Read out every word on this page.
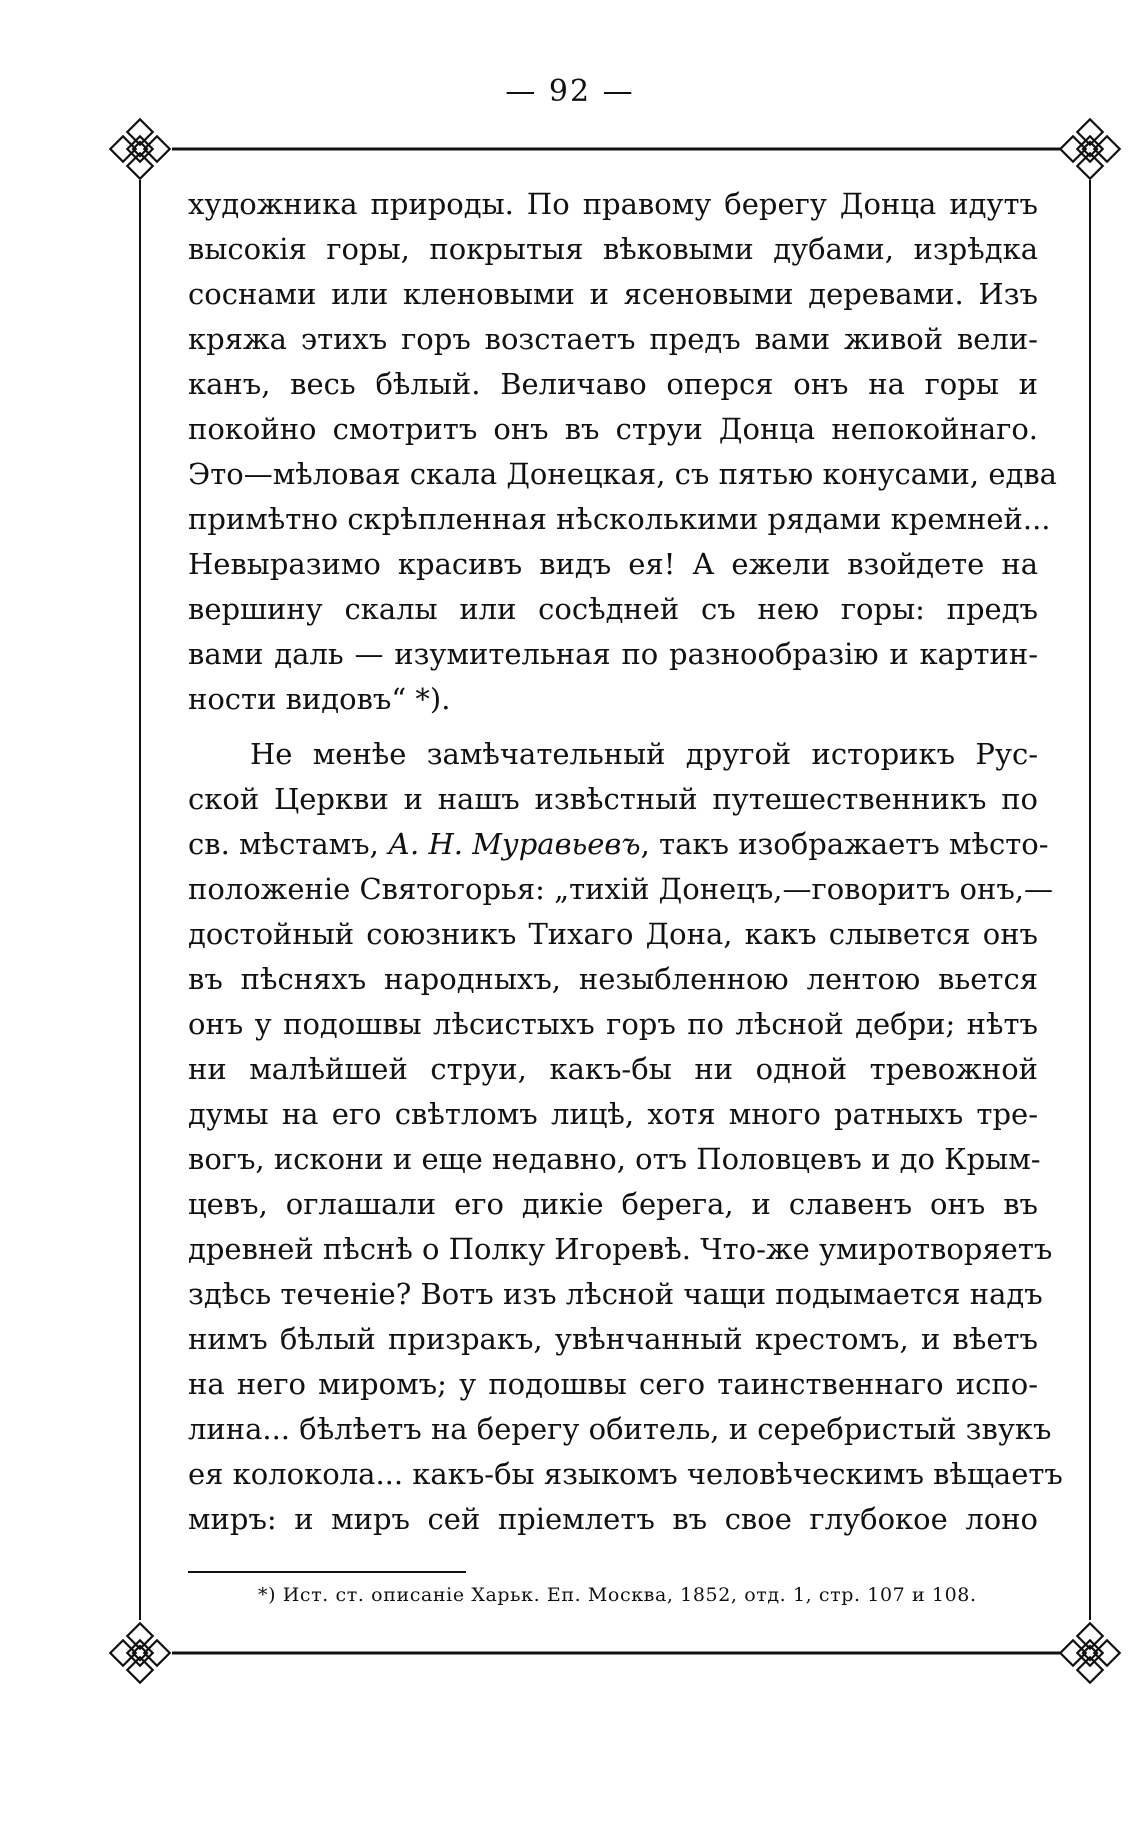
— 92 —
художника природы. По правому берегу Донца идутъ
высокія горы, покрытыя вѣковыми дубами, изрѣдка
соснами или кленовыми и ясеновыми деревами. Изъ
кряжа этихъ горъ возстаетъ предъ вами живой вели-
канъ, весь бѣлый. Величаво оперся онъ на горы и
покойно смотритъ онъ въ струи Донца непокойнаго.
Это—мѣловая скала Донецкая, съ пятью конусами, едва
примѣтно скрѣпленная нѣсколькими рядами кремней...
Невыразимо красивъ видъ ея! А ежели взойдете на
вершину скалы или сосѣдней съ нею горы: предъ
вами даль — изумительная по разнообразію и картин-
ности видовъ“ *).
Не менѣе замѣчательный другой историкъ Рус-
ской Церкви и нашъ извѣстный путешественникъ по
св. мѣстамъ, А. Н. Муравьевъ, такъ изображаетъ мѣсто-
положеніе Святогорья: „тихій Донецъ,—говоритъ онъ,—
достойный союзникъ Тихаго Дона, какъ слывется онъ
въ пѣсняхъ народныхъ, незыбленною лентою вьется
онъ у подошвы лѣсистыхъ горъ по лѣсной дебри; нѣтъ
ни малѣйшей струи, какъ-бы ни одной тревожной
думы на его свѣтломъ лицѣ, хотя много ратныхъ тре-
вогъ, искони и еще недавно, отъ Половцевъ и до Крым-
цевъ, оглашали его дикіе берега, и славенъ онъ въ
древней пѣснѣ о Полку Игоревѣ. Что-же умиротворяетъ
здѣсь теченіе? Вотъ изъ лѣсной чащи подымается надъ
нимъ бѣлый призракъ, увѣнчанный крестомъ, и вѣетъ
на него миромъ; у подошвы сего таинственнаго испо-
лина... бѣлѣетъ на берегу обитель, и серебристый звукъ
ея колокола... какъ-бы языкомъ человѣческимъ вѣщаетъ
миръ: и миръ сей пріемлетъ въ свое глубокое лоно
*) Ист. ст. описаніе Харьк. Еп. Москва, 1852, отд. 1, стр. 107 и 108.
